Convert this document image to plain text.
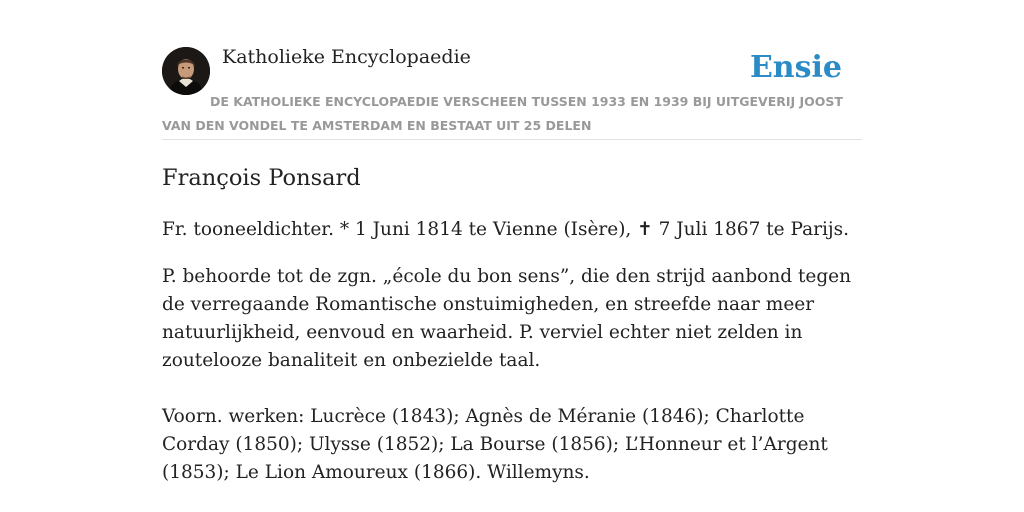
Katholieke Encyclopaedie	Ensie

DE KATHOLIEKE ENCYCLOPAEDIE VERSCHEEN TUSSEN 1933 EN 1939 BIJ UITGEVERIJ JOOST VAN DEN VONDEL TE AMSTERDAM EN BESTAAT UIT 25 DELEN

François Ponsard

Fr. tooneeldichter. * 1 Juni 1814 te Vienne (Isère), ✝ 7 Juli 1867 te Parijs.

P. behoorde tot de zgn. „école du bon sens”, die den strijd aanbond tegen de verregaande Romantische onstuimigheden, en streefde naar meer natuurlijkheid, eenvoud en waarheid. P. verviel echter niet zelden in zoutelooze banaliteit en onbezielde taal.

Voorn. werken: Lucrèce (1843); Agnès de Méranie (1846); Charlotte Corday (1850); Ulysse (1852); La Bourse (1856); L’Honneur et l’Argent (1853); Le Lion Amoureux (1866). Willemyns.
